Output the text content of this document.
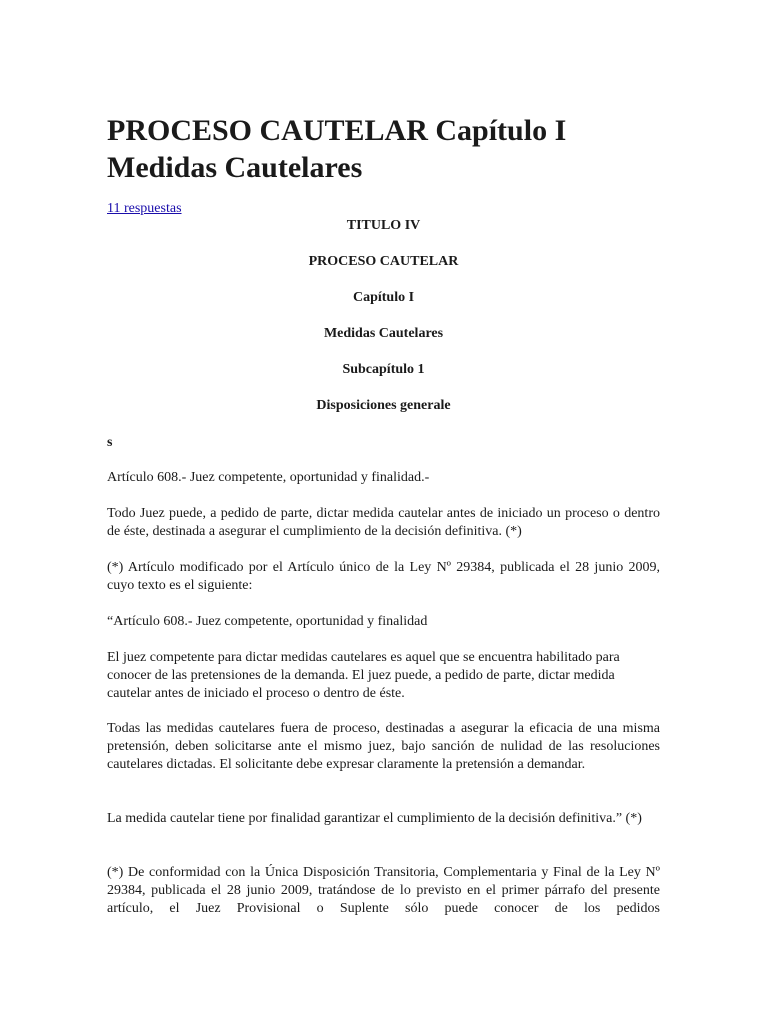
PROCESO CAUTELAR Capítulo I Medidas Cautelares
11 respuestas
TITULO IV
PROCESO CAUTELAR
Capítulo I
Medidas Cautelares
Subcapítulo 1
Disposiciones generale
s

Artículo 608.- Juez competente, oportunidad y finalidad.-

Todo Juez puede, a pedido de parte, dictar medida cautelar antes de iniciado un proceso o dentro de éste, destinada a asegurar el cumplimiento de la decisión definitiva. (*)

(*) Artículo modificado por el Artículo único de la Ley Nº 29384, publicada el 28 junio 2009, cuyo texto es el siguiente:

“Artículo 608.- Juez competente, oportunidad y finalidad

El juez competente para dictar medidas cautelares es aquel que se encuentra habilitado para conocer de las pretensiones de la demanda. El juez puede, a pedido de parte, dictar medida cautelar antes de iniciado el proceso o dentro de éste.

Todas las medidas cautelares fuera de proceso, destinadas a asegurar la eficacia de una misma pretensión, deben solicitarse ante el mismo juez, bajo sanción de nulidad de las resoluciones cautelares dictadas. El solicitante debe expresar claramente la pretensión a demandar.

La medida cautelar tiene por finalidad garantizar el cumplimiento de la decisión definitiva.” (*)

(*) De conformidad con la Única Disposición Transitoria, Complementaria y Final de la Ley Nº 29384, publicada el 28 junio 2009, tratándose de lo previsto en el primer párrafo del presente artículo, el Juez Provisional o Suplente sólo puede conocer de los pedidos
